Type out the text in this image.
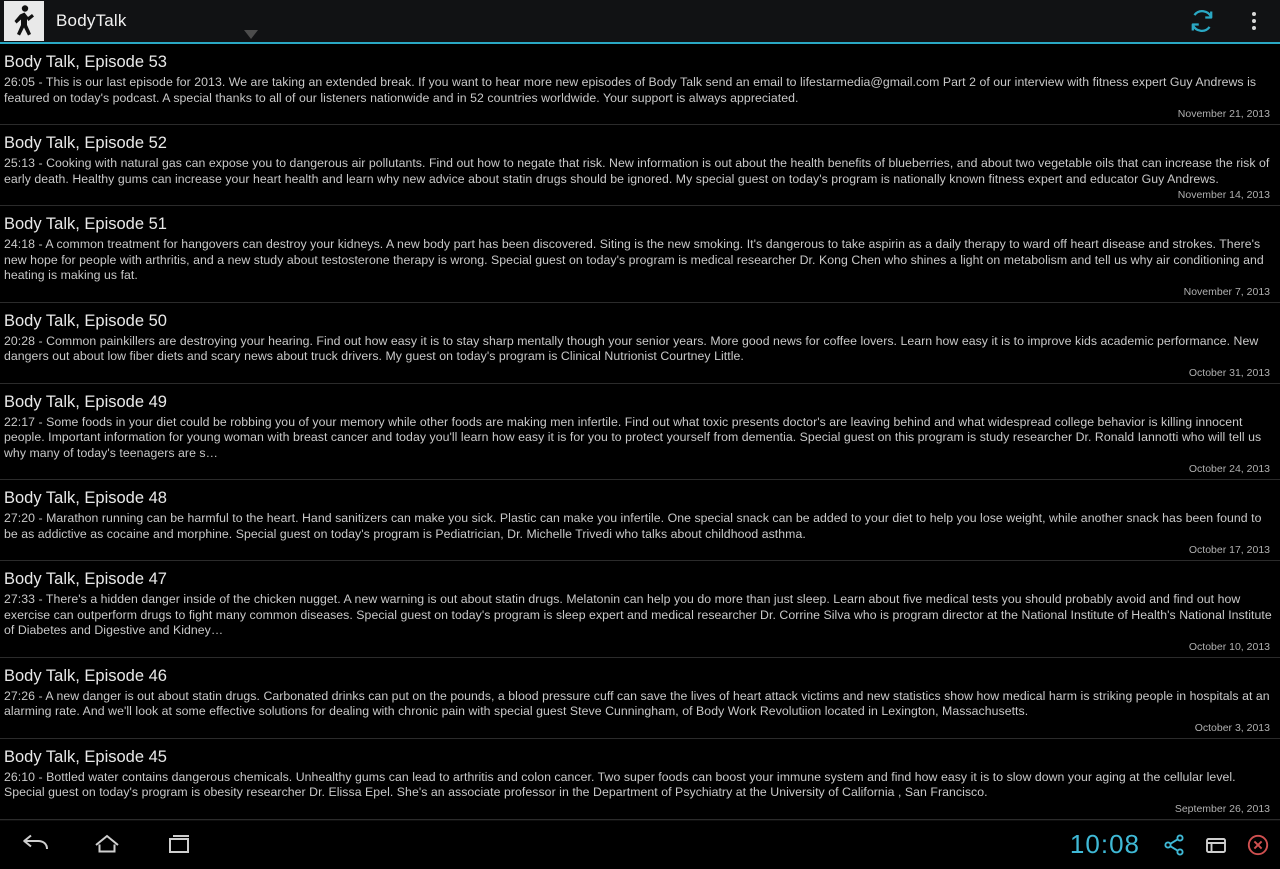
BodyTalk
Body Talk, Episode 53
26:05 - This is our last episode for 2013. We are taking an extended break. If you want to hear more new episodes of Body Talk send an email to lifestarmedia@gmail.com Part 2 of our interview with fitness expert Guy Andrews is featured on today's podcast. A special thanks to all of our listeners nationwide and in 52 countries worldwide. Your support is always appreciated.
November 21, 2013
Body Talk, Episode 52
25:13 - Cooking with natural gas can expose you to dangerous air pollutants. Find out how to negate that risk. New information is out about the health benefits of blueberries, and about two vegetable oils that can increase the risk of early death. Healthy gums can increase your heart health and learn why new advice about statin drugs should be ignored. My special guest on today's program is nationally known fitness expert and educator Guy Andrews.
November 14, 2013
Body Talk, Episode 51
24:18 - A common treatment for hangovers can destroy your kidneys. A new body part has been discovered. Siting is the new smoking. It's dangerous to take aspirin as a daily therapy to ward off heart disease and strokes. There's new hope for people with arthritis, and a new study about testosterone therapy is wrong. Special guest on today's program is medical researcher Dr. Kong Chen who shines a light on metabolism and tell us why air conditioning and heating is making us fat.
November 7, 2013
Body Talk, Episode 50
20:28 - Common painkillers are destroying your hearing. Find out how easy it is to stay sharp mentally though your senior years. More good news for coffee lovers. Learn how easy it is to improve kids academic performance. New dangers out about low fiber diets and scary news about truck drivers. My guest on today's program is Clinical Nutrionist Courtney Little.
October 31, 2013
Body Talk, Episode 49
22:17 - Some foods in your diet could be robbing you of your memory while other foods are making men infertile. Find out what toxic presents doctor's are leaving behind and what widespread college behavior is killing innocent people. Important information for young woman with breast cancer and today you'll learn how easy it is for you to protect yourself from dementia. Special guest on this program is study researcher Dr. Ronald Iannotti who will tell us why many of today's teenagers are s…
October 24, 2013
Body Talk, Episode 48
27:20 - Marathon running can be harmful to the heart. Hand sanitizers can make you sick. Plastic can make you infertile. One special snack can be added to your diet to help you lose weight, while another snack has been found to be as addictive as cocaine and morphine. Special guest on today's program is Pediatrician, Dr. Michelle Trivedi who talks about childhood asthma.
October 17, 2013
Body Talk, Episode 47
27:33 - There's a hidden danger inside of the chicken nugget. A new warning is out about statin drugs. Melatonin can help you do more than just sleep. Learn about five medical tests you should probably avoid and find out how exercise can outperform drugs to fight many common diseases. Special guest on today's program is sleep expert and medical researcher Dr. Corrine Silva who is program director at the National Institute of Health's National Institute of Diabetes and Digestive and Kidney…
October 10, 2013
Body Talk, Episode 46
27:26 - A new danger is out about statin drugs. Carbonated drinks can put on the pounds, a blood pressure cuff can save the lives of heart attack victims and new statistics show how medical harm is striking people in hospitals at an alarming rate. And we'll look at some effective solutions for dealing with chronic pain with special guest Steve Cunningham, of Body Work Revolutiion located in Lexington, Massachusetts.
October 3, 2013
Body Talk, Episode 45
26:10 - Bottled water contains dangerous chemicals. Unhealthy gums can lead to arthritis and colon cancer. Two super foods can boost your immune system and find how easy it is to slow down your aging at the cellular level. Special guest on today's program is obesity researcher Dr. Elissa Epel. She's an associate professor in the Department of Psychiatry at the University of California , San Francisco.
September 26, 2013
10:08
